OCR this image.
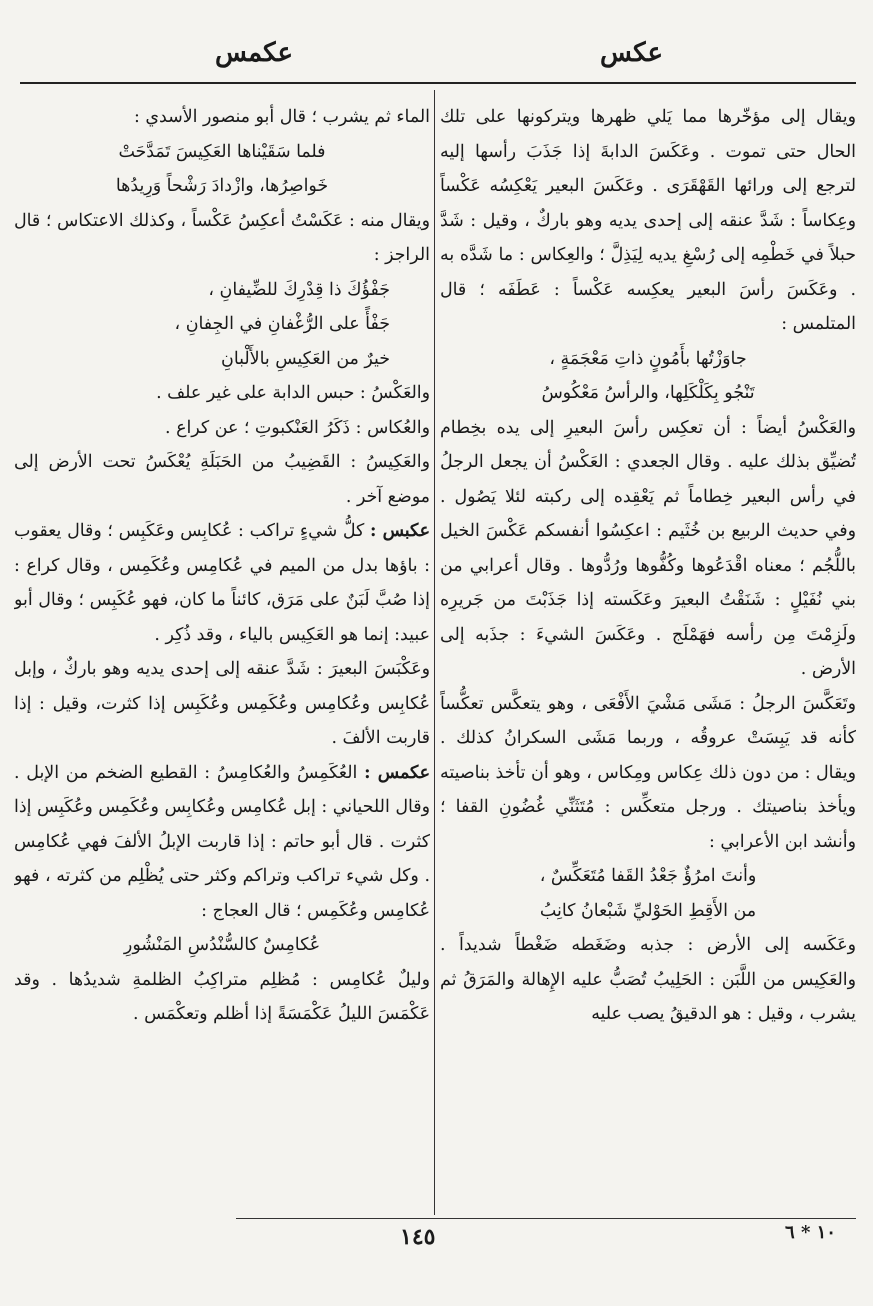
عكس
عكمس

ويقال إلى مؤخّرها مما يَلي ظهرها ويتركونها على تلك الحال حتى تموت . وعَكَسَ الدابةَ إذا جَذَبَ رأسها إليه لترجع إلى ورائها القَهْقَرَى . وعَكَسَ البعير يَعْكِسُه عَكْساً وعِكاساً : شَدَّ عنقه إلى إحدى يديه وهو باركٌ ، وقيل : شَدَّ حبلاً في خَطْمِه إلى رُسْغِ يديه لِيَذِلَّ ؛ والعِكاس : ما شَدَّه به . وعَكَسَ رأسَ البعير يعكِسه عَكْساً : عَطَفَه ؛ قال المتلمس :

جاوَزْتُها بأَمُونٍ ذاتِ مَعْجَمَةٍ ،

تَنْجُو بِكَلْكَلِها، والرأسُ مَعْكُوسُ

والعَكْسُ أيضاً : أن تعكِس رأسَ البعيرِ إلى يده بخِطام تُضيِّق بذلك عليه . وقال الجعدي : العَكْسُ أن يجعل الرجلُ في رأس البعير خِطاماً ثم يَعْقِده إلى ركبته لئلا يَصُول . وفي حديث الربيع بن خُثَيم : اعكِسُوا أنفسكم عَكْسَ الخيل باللُّجُم ؛ معناه اقْدَعُوها وكُفُّوها ورُدُّوها . وقال أعرابي من بني نُفَيْلٍ : شَنَقْتُ البعيرَ وعَكَسته إذا جَذَبْتَ من جَريرِه ولَزِمْتَ مِن رأسه فهَمْلَج . وعَكَسَ الشيءَ : جذَبه إلى الأرض .

وتَعَكَّسَ الرجلُ : مَشَى مَشْيَ الأَفْعَى ، وهو يتعكَّس تعكُّساً كأنه قد يَبِسَتْ عروقُه ، وربما مَشَى السكرانُ كذلك . ويقال : من دون ذلك عِكاس ومِكاس ، وهو أن تأخذ بناصيته ويأخذ بناصيتك . ورجل متعكِّس : مُتَثَنِّي غُضُونِ القفا ؛ وأنشد ابن الأعرابي :

وأنتَ امرُؤٌ جَعْدُ القَفا مُتَعَكِّسٌ ،

من الأَقِطِ الحَوْليِّ شَبْعانُ كانِبُ

وعَكَسه إلى الأرض : جذبه وضَغَطه ضَغْطاً شديداً . والعَكِيس من اللَّبَن : الحَلِيبُ تُصَبُّ عليه الإِهالة والمَرَقُ ثم يشرب ، وقيل : هو الدقيقُ يصب عليه

الماء ثم يشرب ؛ قال أبو منصور الأسدي :

فلما سَقَيْناها العَكِيسَ تَمَدَّحَتْ

خَواصِرُها، وازْدادَ رَشْحاً وَرِيدُها

ويقال منه : عَكَسْتُ أعكِسُ عَكْساً ، وكذلك الاعتكاس ؛ قال الراجز :

جَفْؤُكَ ذا قِدْرِكَ للضِّيفانِ ،

جَفْأً على الرُّغْفانِ في الجِفانِ ،

خيرٌ من العَكِيسِ بالأَلْبانِ

والعَكْسُ : حبس الدابة على غير علف .

والعُكاس : ذَكَرُ العَنْكبوتِ ؛ عن كراع .

والعَكِيسُ : القَضِيبُ من الحَبَلَةِ يُعْكَسُ تحت الأرض إلى موضع آخر .

عكبس : كلُّ شيءٍ تراكب : عُكابِس وعَكَبِس ؛ وقال يعقوب : باؤها بدل من الميم في عُكامِس وعُكَمِس ، وقال كراع : إذا صُبَّ لَبَنٌ على مَرَق، كائناً ما كان، فهو عُكَبِس ؛ وقال أبو عبيد: إنما هو العَكِيس بالياء ، وقد ذُكِر .

وعَكْبَسَ البعيرَ : شَدَّ عنقه إلى إحدى يديه وهو باركٌ ، وإبل عُكابِس وعُكامِس وعُكَمِس وعُكَبِس إذا كثرت، وقيل : إذا قاربت الألفَ .

عكمس : العُكَمِسُ والعُكامِسُ : القطيع الضخم من الإبل . وقال اللحياني : إبل عُكامِس وعُكابِس وعُكَمِس وعُكَبِس إذا كثرت . قال أبو حاتم : إذا قاربت الإبلُ الألفَ فهي عُكامِس . وكل شيء تراكب وتراكم وكثر حتى يُظْلِم من كثرته ، فهو عُكامِس وعُكَمِس ؛ قال العجاج :

عُكامِسٌ كالسُّنْدُسِ المَنْشُورِ

وليلٌ عُكامِس : مُظلِم متراكِبُ الظلمةِ شديدُها . وقد عَكْمَسَ الليلُ عَكْمَسَةً إذا أظلم وتعكْمَس .

١٤٥	١٠ * ٦
